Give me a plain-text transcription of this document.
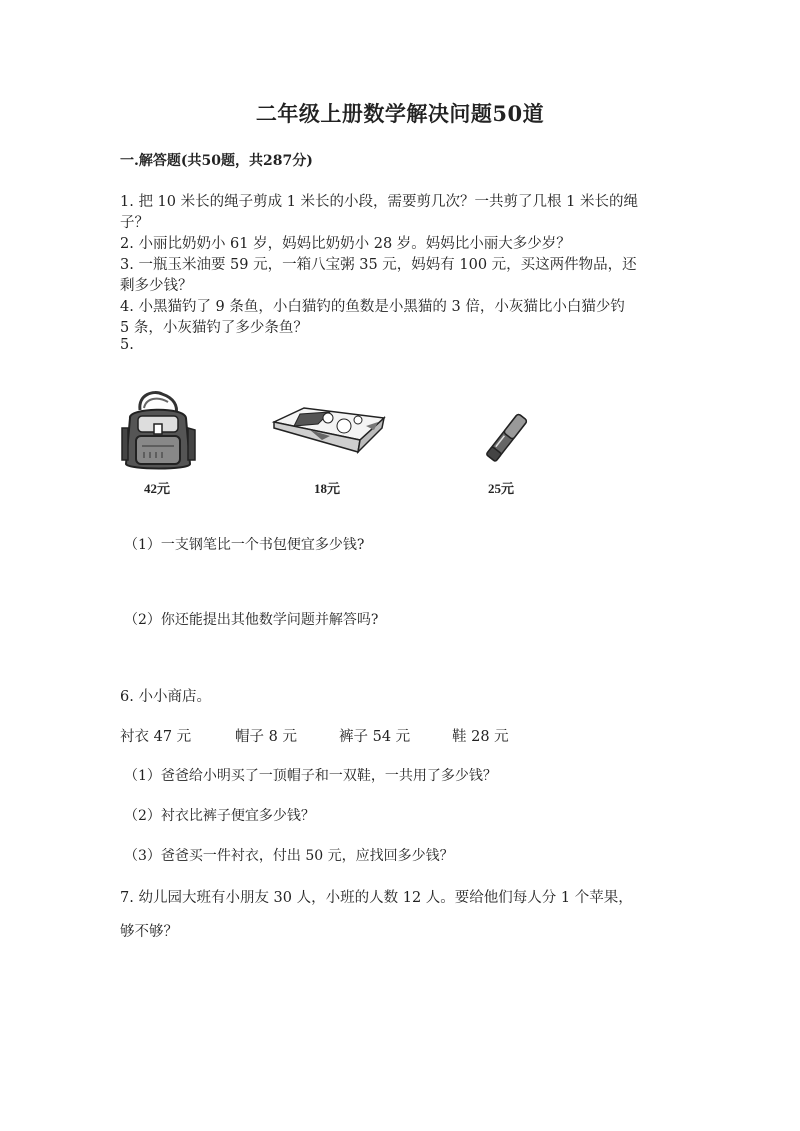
二年级上册数学解决问题50道
一.解答题(共50题，共287分)
1. 把 10 米长的绳子剪成 1 米长的小段，需要剪几次？一共剪了几根 1 米长的绳
子？
2. 小丽比奶奶小 61 岁，妈妈比奶奶小 28 岁。妈妈比小丽大多少岁？
3. 一瓶玉米油要 59 元，一箱八宝粥 35 元，妈妈有 100 元，买这两件物品，还
剩多少钱？
4. 小黑猫钓了 9 条鱼，小白猫钓的鱼数是小黑猫的 3 倍，小灰猫比小白猫少钓
5 条，小灰猫钓了多少条鱼？
5.
42元	18元	25元
（1）一支钢笔比一个书包便宜多少钱?
（2）你还能提出其他数学问题并解答吗?
6. 小小商店。
衬衣 47 元	帽子 8 元	裤子 54 元	鞋 28 元
（1）爸爸给小明买了一顶帽子和一双鞋，一共用了多少钱？
（2）衬衣比裤子便宜多少钱？
（3）爸爸买一件衬衣，付出 50 元，应找回多少钱？
7. 幼儿园大班有小朋友 30 人，小班的人数 12 人。要给他们每人分 1 个苹果，
够不够？
